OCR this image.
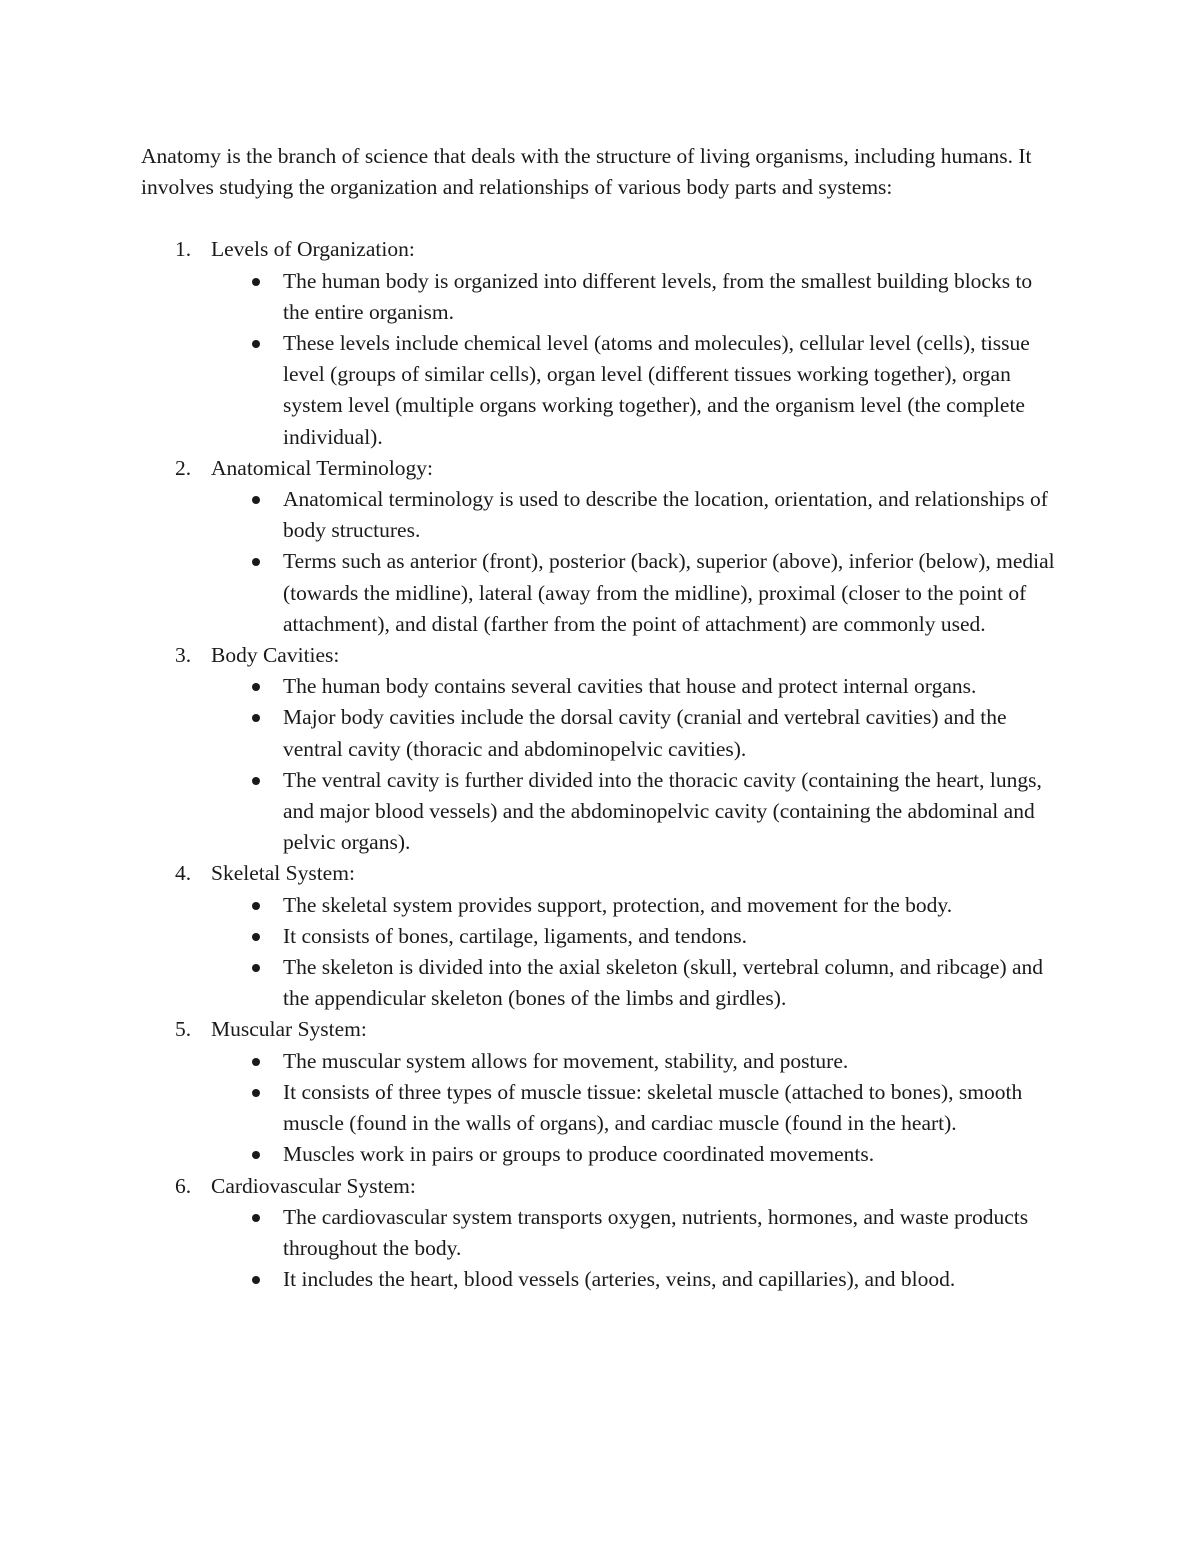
Anatomy is the branch of science that deals with the structure of living organisms, including humans. It involves studying the organization and relationships of various body parts and systems:

1. Levels of Organization:
The human body is organized into different levels, from the smallest building blocks to the entire organism.
These levels include chemical level (atoms and molecules), cellular level (cells), tissue level (groups of similar cells), organ level (different tissues working together), organ system level (multiple organs working together), and the organism level (the complete individual).
2. Anatomical Terminology:
Anatomical terminology is used to describe the location, orientation, and relationships of body structures.
Terms such as anterior (front), posterior (back), superior (above), inferior (below), medial (towards the midline), lateral (away from the midline), proximal (closer to the point of attachment), and distal (farther from the point of attachment) are commonly used.
3. Body Cavities:
The human body contains several cavities that house and protect internal organs.
Major body cavities include the dorsal cavity (cranial and vertebral cavities) and the ventral cavity (thoracic and abdominopelvic cavities).
The ventral cavity is further divided into the thoracic cavity (containing the heart, lungs, and major blood vessels) and the abdominopelvic cavity (containing the abdominal and pelvic organs).
4. Skeletal System:
The skeletal system provides support, protection, and movement for the body.
It consists of bones, cartilage, ligaments, and tendons.
The skeleton is divided into the axial skeleton (skull, vertebral column, and ribcage) and the appendicular skeleton (bones of the limbs and girdles).
5. Muscular System:
The muscular system allows for movement, stability, and posture.
It consists of three types of muscle tissue: skeletal muscle (attached to bones), smooth muscle (found in the walls of organs), and cardiac muscle (found in the heart).
Muscles work in pairs or groups to produce coordinated movements.
6. Cardiovascular System:
The cardiovascular system transports oxygen, nutrients, hormones, and waste products throughout the body.
It includes the heart, blood vessels (arteries, veins, and capillaries), and blood.
